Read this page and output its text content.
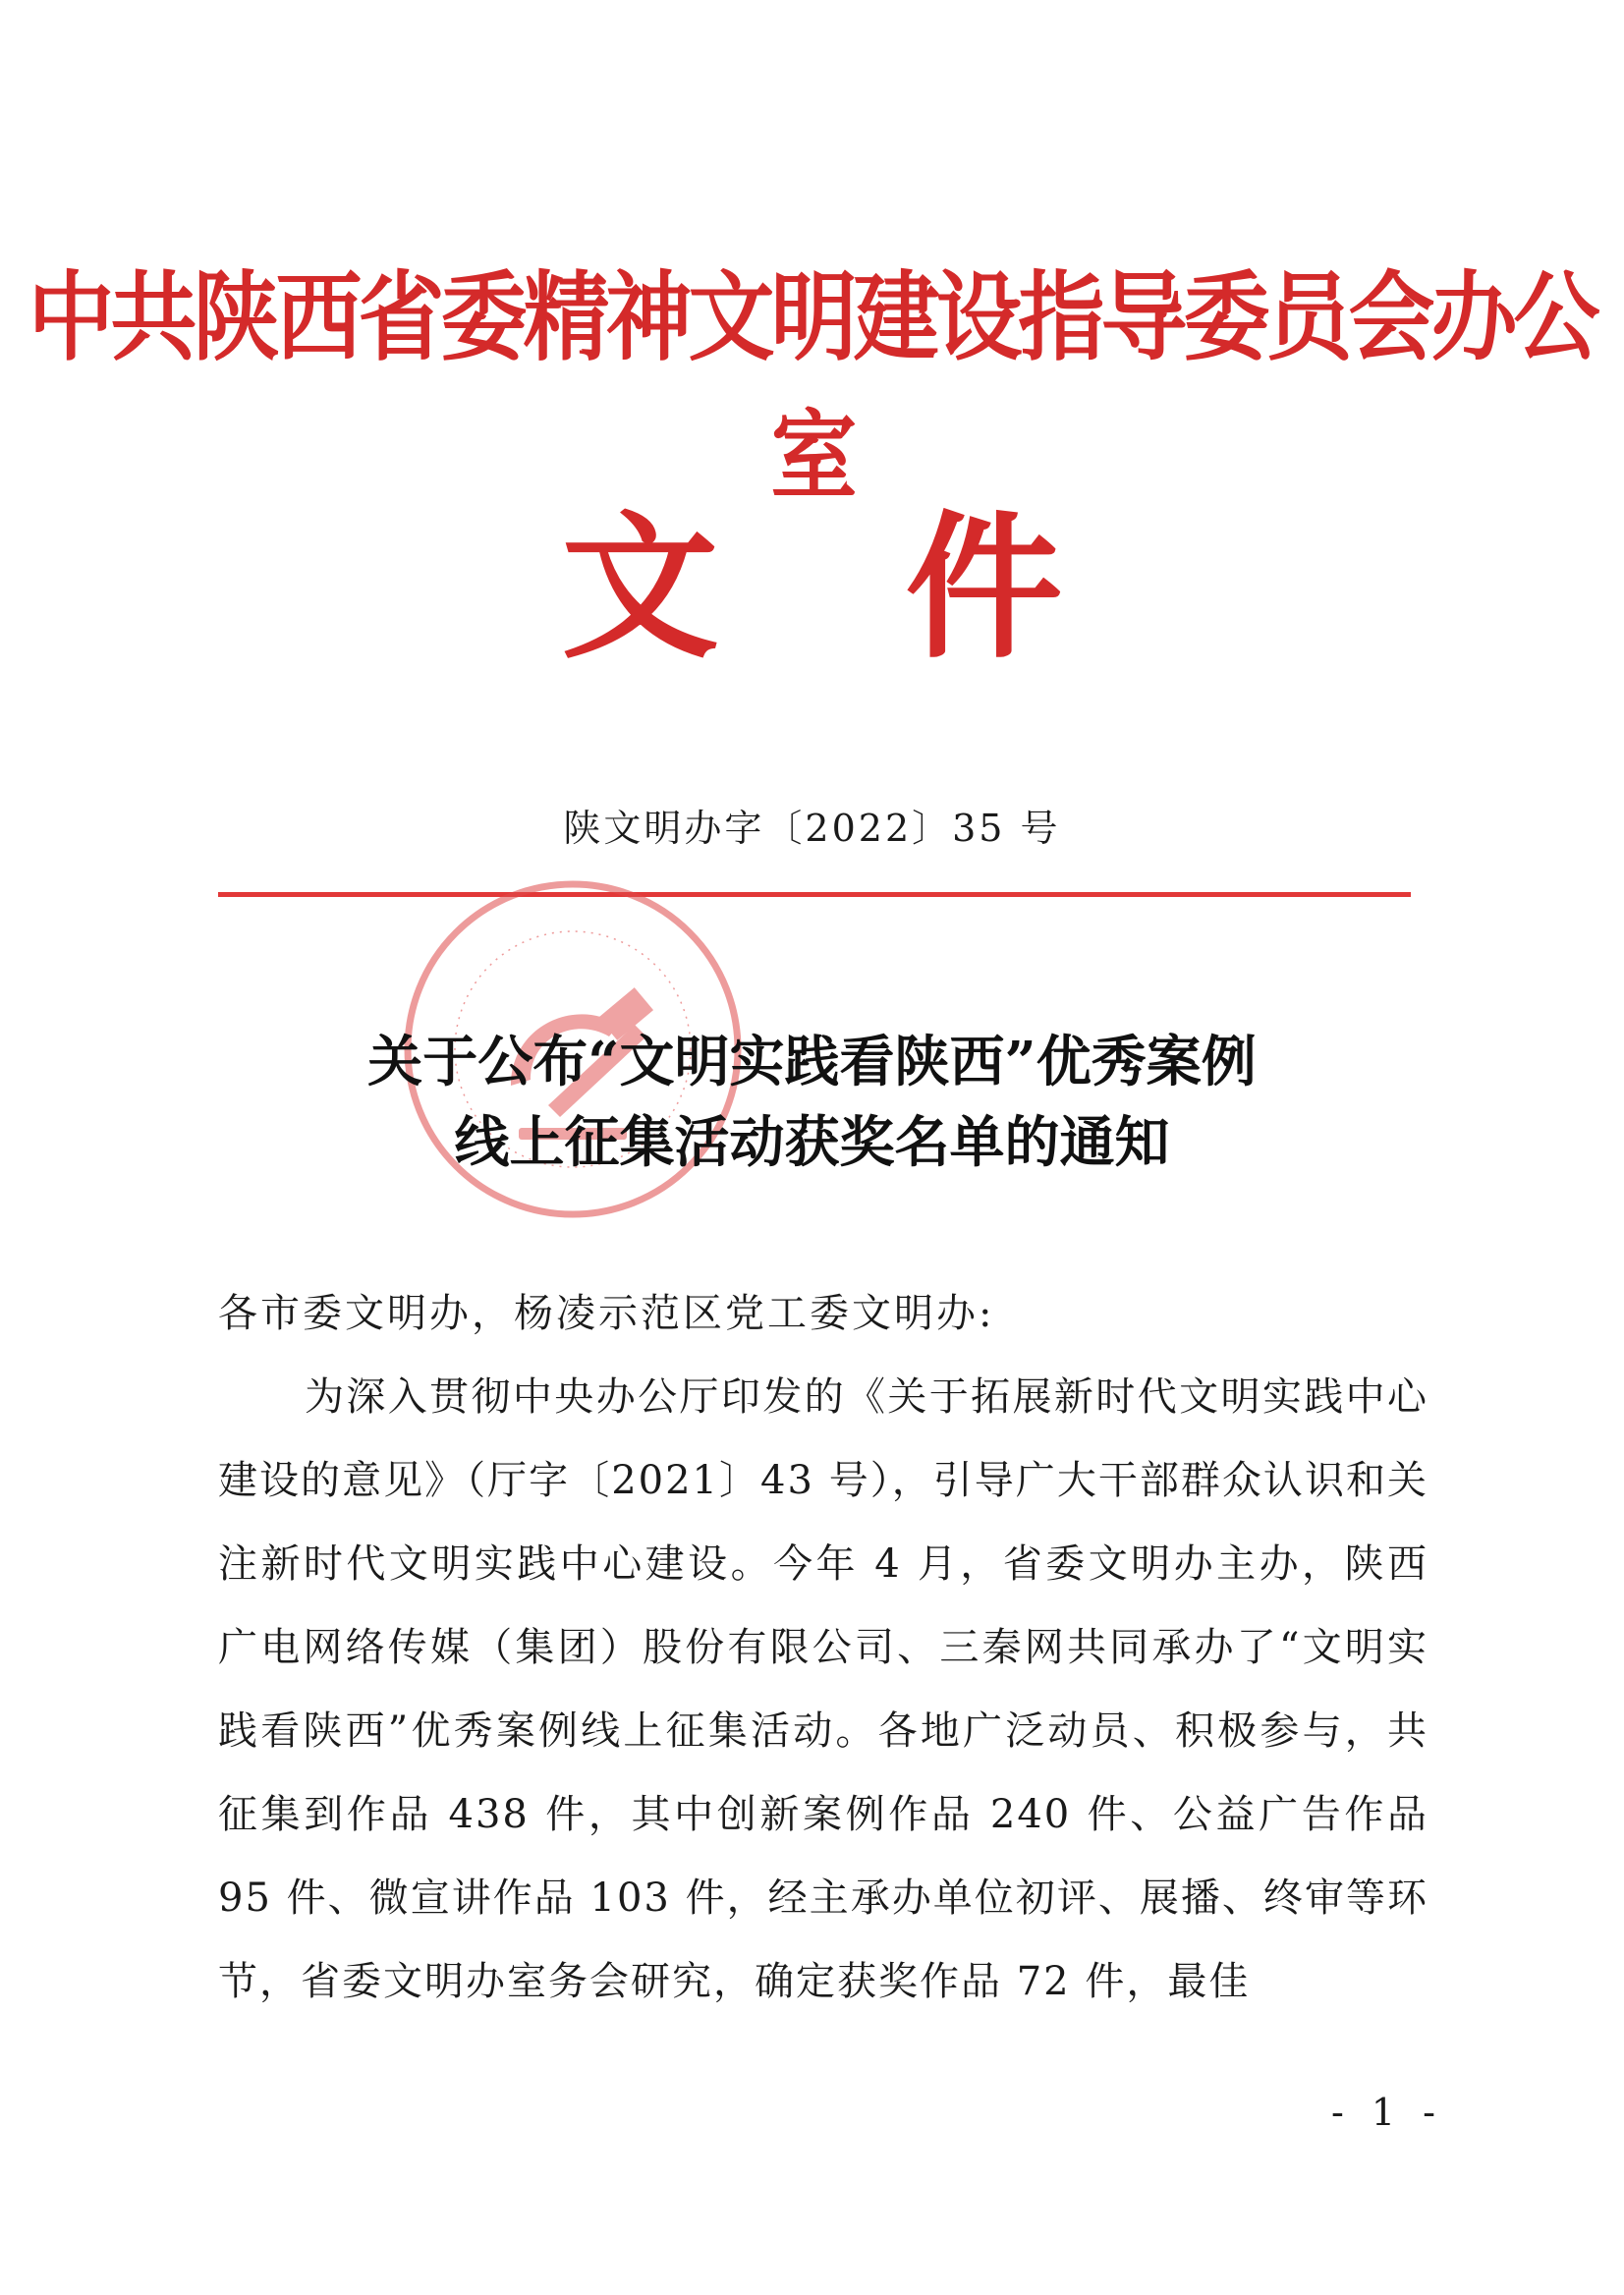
中共陕西省委精神文明建设指导委员会办公室
文件
陕文明办字〔2022〕35 号
关于公布“文明实践看陕西”优秀案例
线上征集活动获奖名单的通知
各市委文明办，杨凌示范区党工委文明办:
为深入贯彻中央办公厅印发的《关于拓展新时代文明实践中心建设的意见》（厅字〔2021〕43 号），引导广大干部群众认识和关注新时代文明实践中心建设。今年 4 月，省委文明办主办，陕西广电网络传媒（集团）股份有限公司、三秦网共同承办了“文明实践看陕西”优秀案例线上征集活动。各地广泛动员、积极参与，共征集到作品 438 件，其中创新案例作品 240 件、公益广告作品 95 件、微宣讲作品 103 件，经主承办单位初评、展播、终审等环节，省委文明办室务会研究，确定获奖作品 72 件，最佳
- 1 -
